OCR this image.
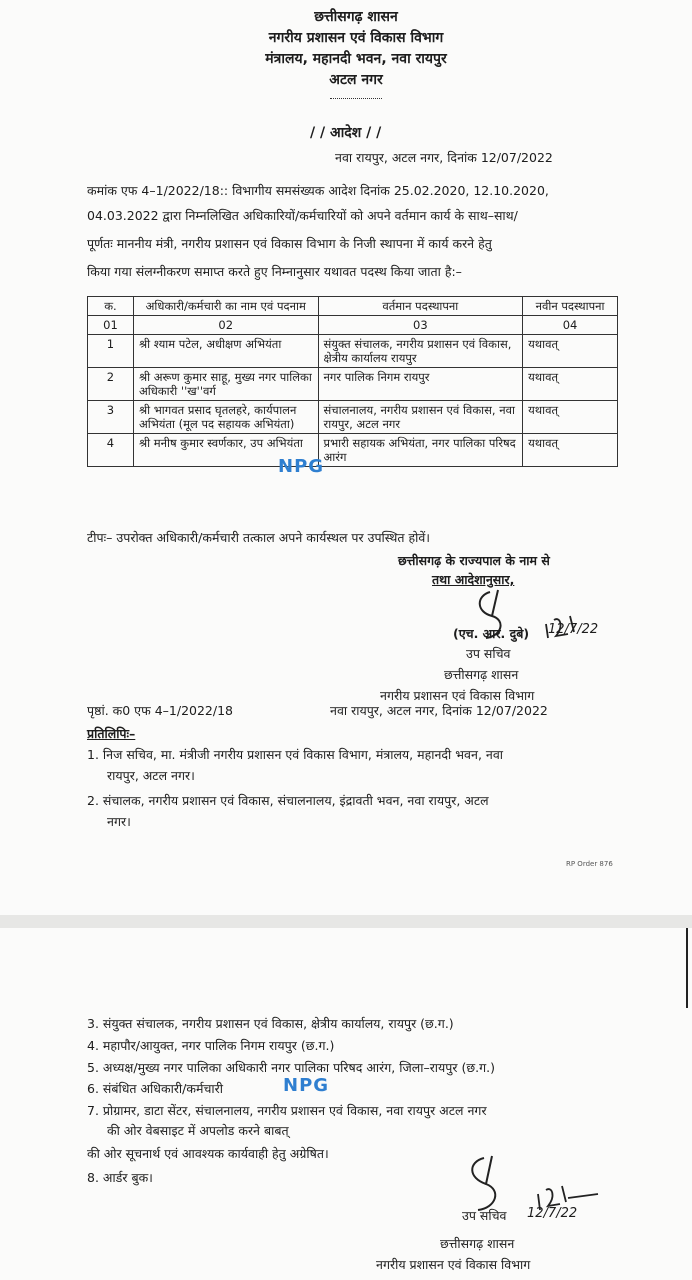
छत्तीसगढ़ शासन
नगरीय प्रशासन एवं विकास विभाग
मंत्रालय, महानदी भवन, नवा रायपुर
अटल नगर
/ / आदेश / /
नवा रायपुर, अटल नगर, दिनांक 12/07/2022
कमांक एफ 4–1/2022/18:: विभागीय समसंख्यक आदेश दिनांक 25.02.2020, 12.10.2020,
04.03.2022 द्वारा निम्नलिखित अधिकारियों/कर्मचारियों को अपने वर्तमान कार्य के साथ–साथ/
पूर्णतः माननीय मंत्री, नगरीय प्रशासन एवं विकास विभाग के निजी स्थापना में कार्य करने हेतु
किया गया संलग्नीकरण समाप्त करते हुए निम्नानुसार यथावत पदस्थ किया जाता है:–
क.	अधिकारी/कर्मचारी का नाम एवं पदनाम	वर्तमान पदस्थापना	नवीन पदस्थापना
01	02	03	04
1	श्री श्याम पटेल, अधीक्षण अभियंता	संयुक्त संचालक, नगरीय प्रशासन एवं विकास, क्षेत्रीय कार्यालय रायपुर	यथावत्
2	श्री अरूण कुमार साहू, मुख्य नगर पालिका अधिकारी ''ख''वर्ग	नगर पालिक निगम रायपुर	यथावत्
3	श्री भागवत प्रसाद घृतलहरे, कार्यपालन अभियंता (मूल पद सहायक अभियंता)	संचालनालय, नगरीय प्रशासन एवं विकास, नवा रायपुर, अटल नगर	यथावत्
4	श्री मनीष कुमार स्वर्णकार, उप अभियंता	प्रभारी सहायक अभियंता, नगर पालिका परिषद आरंग	यथावत्
NPG
टीपः– उपरोक्त अधिकारी/कर्मचारी तत्काल अपने कार्यस्थल पर उपस्थित होवें।
छत्तीसगढ़ के राज्यपाल के नाम से
तथा आदेशानुसार,
12/7/22
(एच. आर. दुबे)
उप सचिव
छत्तीसगढ़ शासन
नगरीय प्रशासन एवं विकास विभाग
पृष्ठां. क0 एफ 4–1/2022/18	नवा रायपुर, अटल नगर, दिनांक 12/07/2022
प्रतिलिपिः–
1. निज सचिव, मा. मंत्रीजी नगरीय प्रशासन एवं विकास विभाग, मंत्रालय, महानदी भवन, नवा
रायपुर, अटल नगर।
2. संचालक, नगरीय प्रशासन एवं विकास, संचालनालय, इंद्रावती भवन, नवा रायपुर, अटल
नगर।
RP Order 876
3. संयुक्त संचालक, नगरीय प्रशासन एवं विकास, क्षेत्रीय कार्यालय, रायपुर (छ.ग.)
4. महापौर/आयुक्त, नगर पालिक निगम रायपुर (छ.ग.)
5. अध्यक्ष/मुख्य नगर पालिका अधिकारी नगर पालिका परिषद आरंग, जिला–रायपुर (छ.ग.)
6. संबंधित अधिकारी/कर्मचारी	NPG
7. प्रोग्रामर, डाटा सेंटर, संचालनालय, नगरीय प्रशासन एवं विकास, नवा रायपुर अटल नगर
की ओर वेबसाइट में अपलोड करने बाबत्
की ओर सूचनार्थ एवं आवश्यक कार्यवाही हेतु अग्रेषित।
8. आर्डर बुक।
12/7/22
उप सचिव
छत्तीसगढ़ शासन
नगरीय प्रशासन एवं विकास विभाग
